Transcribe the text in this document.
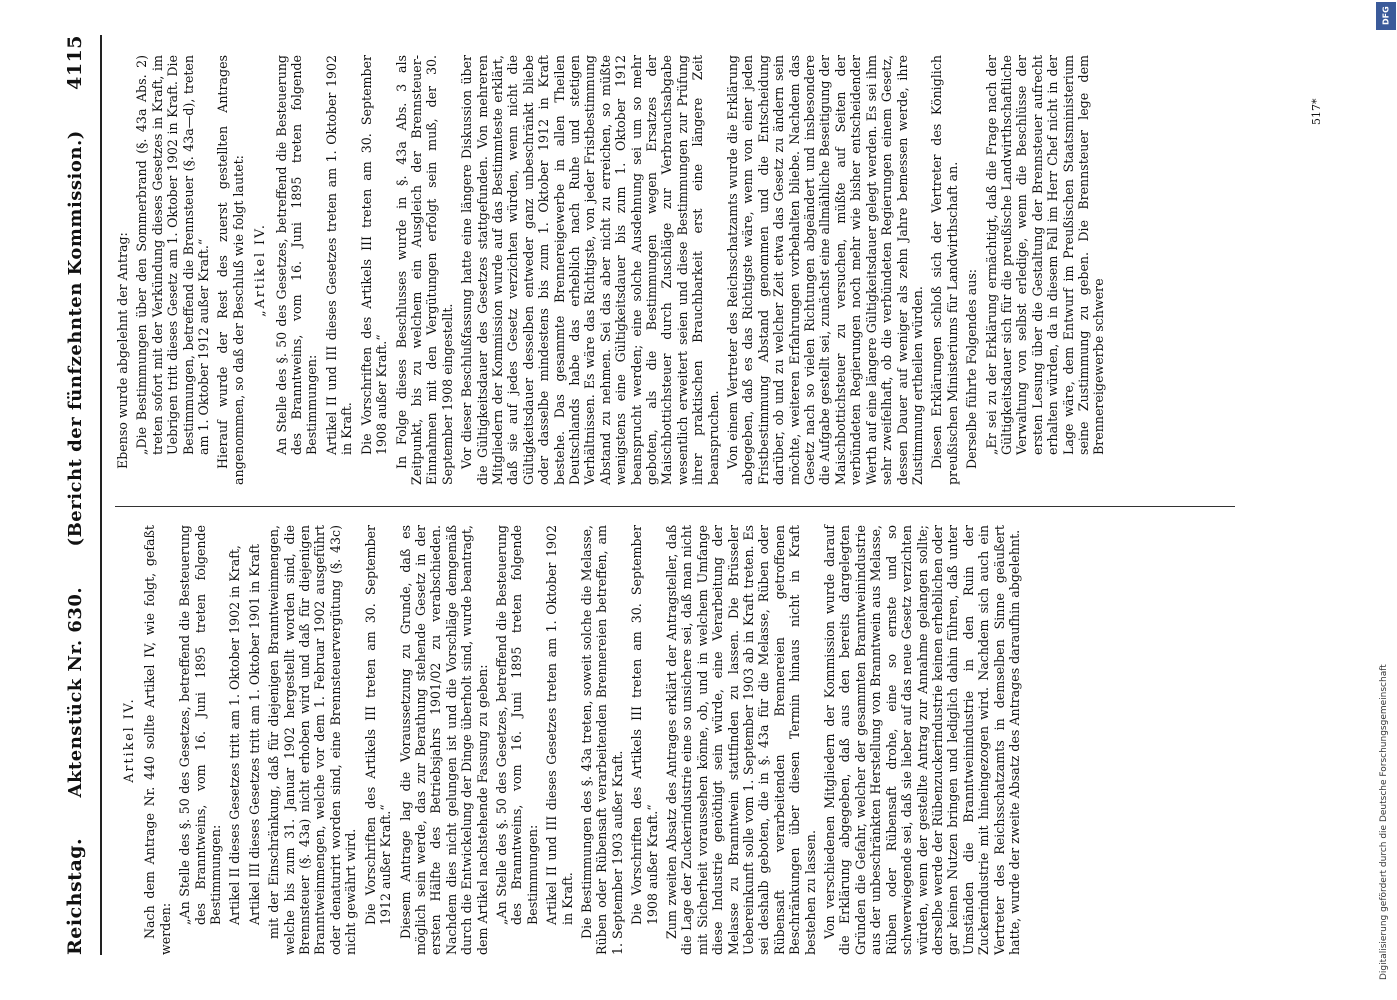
DFG
Digitalisierung gefördert durch die Deutsche Forschungsgemeinschaft
Reichstag.
Aktenstück Nr. 630.
(Bericht der fünfzehnten Kommission.)
4115

Artikel IV. Nach dem Antrage Nr. 440 sollte Artikel IV, wie folgt, gefaßt werden:

„An Stelle des §. 50 des Gesetzes, betreffend die Besteuerung des Branntweins, vom 16. Juni 1895 treten folgende Bestimmungen: Artikel II dieses Gesetzes tritt am 1. Oktober 1902 in Kraft, Artikel III dieses Gesetzes tritt am 1. Oktober 1901 in Kraft mit der Einschränkung, daß für diejenigen Branntweinmengen, welche bis zum 31. Januar 1902 hergestellt worden sind, die Brennsteuer (§. 43a) nicht erhoben wird und daß für diejenigen Branntweinmengen, welche vor dem 1. Februar 1902 ausgeführt oder denaturirt worden sind, eine Brennsteuervergütung (§. 43c) nicht gewährt wird. Die Vorschriften des Artikels III treten am 30. September 1912 außer Kraft.“ Diesem Antrage lag die Voraussetzung zu Grunde, daß es möglich sein werde, das zur Berathung stehende Gesetz in der ersten Hälfte des Betriebsjahrs 1901/02 zu verabschieden. Nachdem dies nicht gelungen ist und die Vorschläge demgemäß durch die Entwickelung der Dinge überholt sind, wurde beantragt, dem Artikel nachstehende Fassung zu geben: „An Stelle des §. 50 des Gesetzes, betreffend die Besteuerung des Branntweins, vom 16. Juni 1895 treten folgende Bestimmungen: Artikel II und III dieses Gesetzes treten am 1. Oktober 1902 in Kraft. Die Bestimmungen des §. 43a treten, soweit solche die Melasse, Rüben oder Rübensaft verarbeitenden Brennereien betreffen, am 1. September 1903 außer Kraft. Die Vorschriften des Artikels III treten am 30. September 1908 außer Kraft.“ Zum zweiten Absatz des Antrages erklärt der Antragsteller, daß die Lage der Zuckerindustrie eine so unsichere sei, daß man nicht mit Sicherheit voraussehen könne, ob, und in welchem Umfange diese Industrie genöthigt sein würde, eine Verarbeitung der Melasse zu Branntwein stattfinden zu lassen. Die Brüsseler Uebereinkunft solle vom 1. September 1903 ab in Kraft treten. Es sei deshalb geboten, die in §. 43a für die Melasse, Rüben oder Rübensaft verarbeitenden Brennereien getroffenen Beschränkungen über diesen Termin hinaus nicht in Kraft bestehen zu lassen. Von verschiedenen Mitgliedern der Kommission wurde darauf die Erklärung abgegeben, daß aus den bereits dargelegten Gründen die Gefahr, welcher der gesammten Branntweinindustrie aus der unbeschränkten Herstellung von Branntwein aus Melasse, Rüben oder Rübensaft drohe, eine so ernste und so schwerwiegende sei, daß sie lieber auf das neue Gesetz verzichten würden, wenn der gestellte Antrag zur Annahme gelangen sollte; derselbe werde der Rübenzuckerindustrie keinen erheblichen oder gar keinen Nutzen bringen und lediglich dahin führen, daß unter Umständen die Branntweinindustrie in den Ruin der Zuckerindustrie mit hineingezogen wird. Nachdem sich auch ein Vertreter des Reichsschatzamts in demselben Sinne geäußert hatte, wurde der zweite Absatz des Antrages daraufhin abgelehnt.

Ebenso wurde abgelehnt der Antrag: „Die Bestimmungen über den Sommerbrand (§. 43a Abs. 2) treten sofort mit der Verkündung dieses Gesetzes in Kraft, im Uebrigen tritt dieses Gesetz am 1. Oktober 1902 in Kraft. Die Bestimmungen, betreffend die Brennsteuer (§. 43a—d), treten am 1. Oktober 1912 außer Kraft.“ Hierauf wurde der Rest des zuerst gestellten Antrages angenommen, so daß der Beschluß wie folgt lautet: „Artikel IV. An Stelle des §. 50 des Gesetzes, betreffend die Besteuerung des Branntweins, vom 16. Juni 1895 treten folgende Bestimmungen: Artikel II und III dieses Gesetzes treten am 1. Oktober 1902 in Kraft. Die Vorschriften des Artikels III treten am 30. September 1908 außer Kraft.“ In Folge dieses Beschlusses wurde in §. 43a Abs. 3 als Zeitpunkt, bis zu welchem ein Ausgleich der Brennsteuer-Einnahmen mit den Vergütungen erfolgt sein muß, der 30. September 1908 eingestellt. Vor dieser Beschlußfassung hatte eine längere Diskussion über die Gültigkeitsdauer des Gesetzes stattgefunden. Von mehreren Mitgliedern der Kommission wurde auf das Bestimmteste erklärt, daß sie auf jedes Gesetz verzichten würden, wenn nicht die Gültigkeitsdauer desselben entweder ganz unbeschränkt bliebe oder dasselbe mindestens bis zum 1. Oktober 1912 in Kraft bestehe. Das gesammte Brennereigewerbe in allen Theilen Deutschlands habe das erheblich nach Ruhe und stetigen Verhältnissen. Es wäre das Richtigste, von jeder Fristbestimmung Abstand zu nehmen. Sei das aber nicht zu erreichen, so müßte wenigstens eine Gültigkeitsdauer bis zum 1. Oktober 1912 beansprucht werden; eine solche Ausdehnung sei um so mehr geboten, als die Bestimmungen wegen Ersatzes der Maischbottichsteuer durch Zuschläge zur Verbrauchsabgabe wesentlich erweitert seien und diese Bestimmungen zur Prüfung ihrer praktischen Brauchbarkeit erst eine längere Zeit beanspruchen. Von einem Vertreter des Reichsschatzamts wurde die Erklärung abgegeben, daß es das Richtigste wäre, wenn von einer jeden Fristbestimmung Abstand genommen und die Entscheidung darüber, ob und zu welcher Zeit etwa das Gesetz zu ändern sein möchte, weiteren Erfahrungen vorbehalten bliebe. Nachdem das Gesetz nach so vielen Richtungen abgeändert und insbesondere die Aufgabe gestellt sei, zunächst eine allmähliche Beseitigung der Maischbottichsteuer zu versuchen, müßte auf Seiten der verbündeten Regierungen noch mehr wie bisher entscheidender Werth auf eine längere Gültigkeitsdauer gelegt werden. Es sei ihm sehr zweifelhaft, ob die verbündeten Regierungen einem Gesetz, dessen Dauer auf weniger als zehn Jahre bemessen werde, ihre Zustimmung ertheilen würden. Diesen Erklärungen schloß sich der Vertreter des Königlich preußischen Ministeriums für Landwirthschaft an. Derselbe führte Folgendes aus: „Er sei zu der Erklärung ermächtigt, daß die Frage nach der Gültigkeitsdauer sich für die preußische Landwirthschaftliche Verwaltung von selbst erledige, wenn die Beschlüsse der ersten Lesung über die Gestaltung der Brennsteuer aufrecht erhalten würden, da in diesem Fall im Herr Chef nicht in der Lage wäre, dem Entwurf im Preußischen Staatsministerium seine Zustimmung zu geben. Die Brennsteuer lege dem Brennereigewerbe schwere

517*
